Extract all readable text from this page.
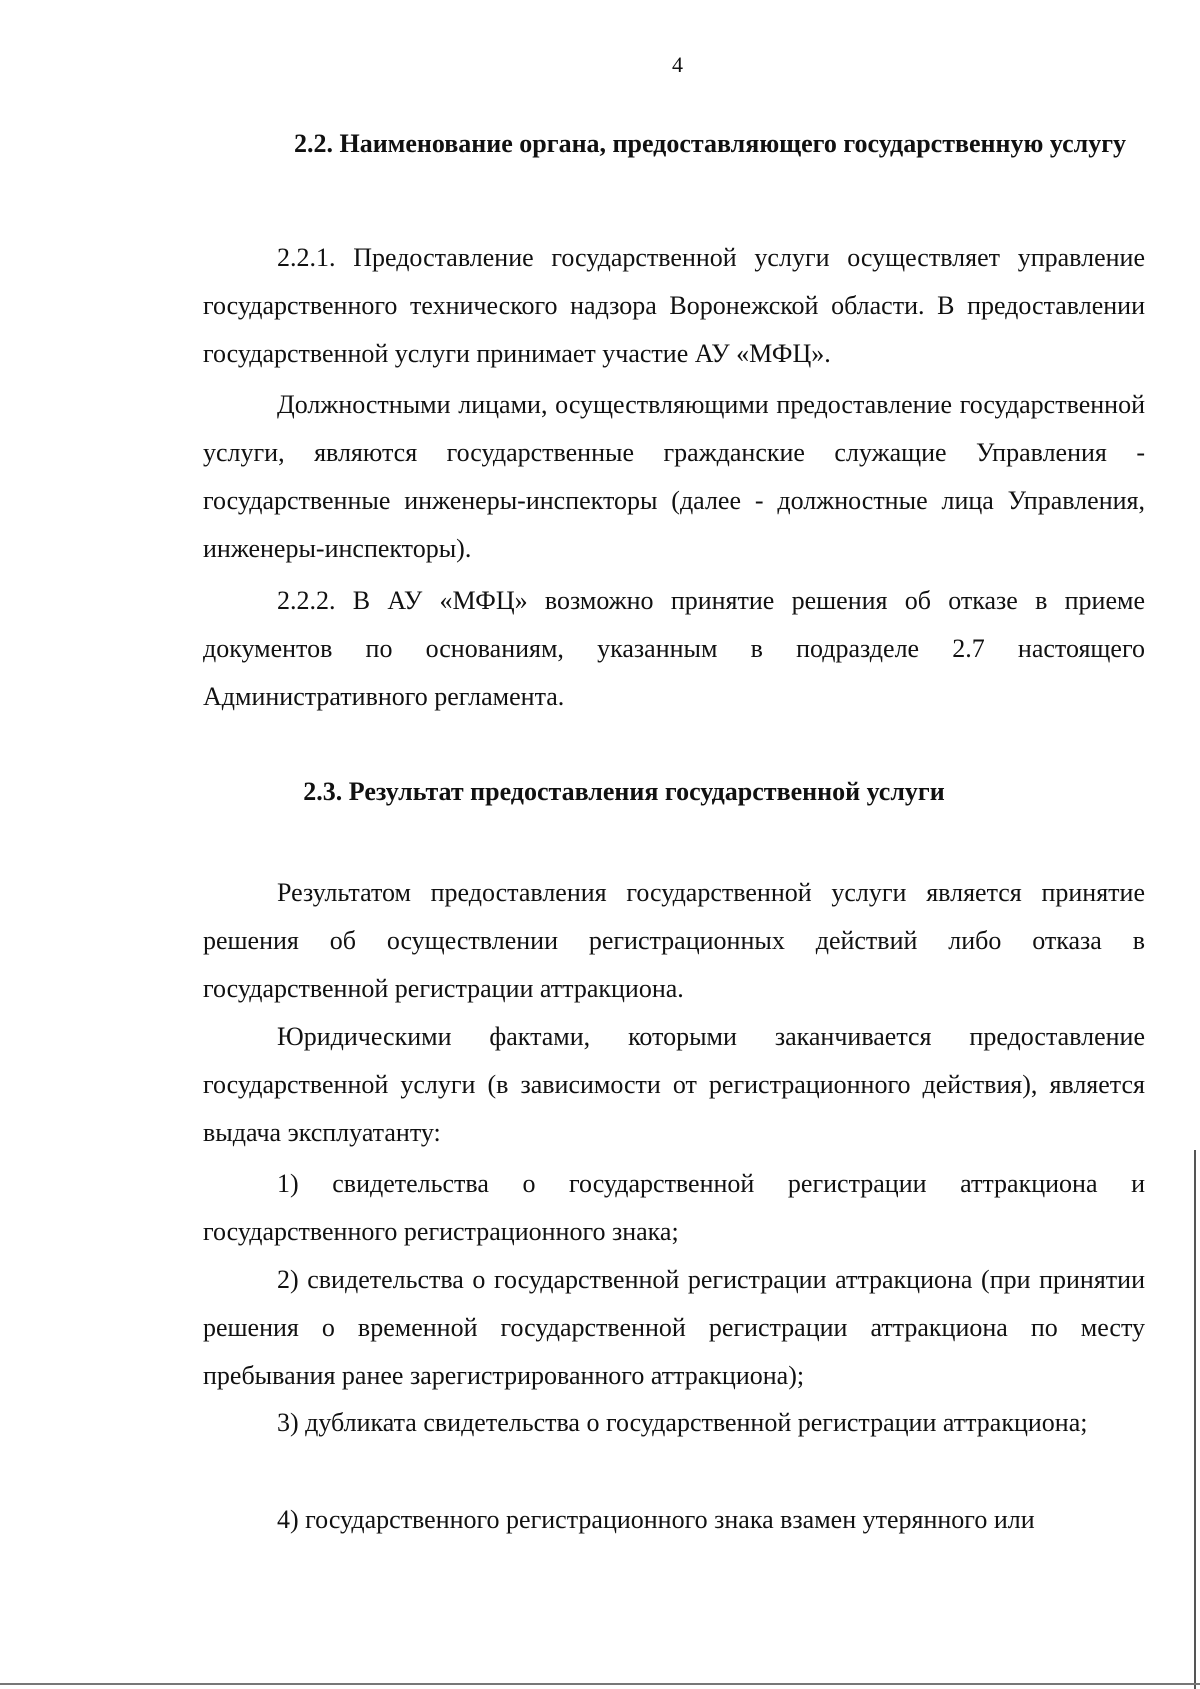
4
2.2. Наименование органа, предоставляющего государственную услугу

2.2.1. Предоставление государственной услуги осуществляет управление государственного технического надзора Воронежской области. В предоставлении государственной услуги принимает участие АУ «МФЦ».

Должностными лицами, осуществляющими предоставление государственной услуги, являются государственные гражданские служащие Управления - государственные инженеры-инспекторы (далее - должностные лица Управления, инженеры-инспекторы).

2.2.2. В АУ «МФЦ» возможно принятие решения об отказе в приеме документов по основаниям, указанным в подразделе 2.7 настоящего Административного регламента.

2.3. Результат предоставления государственной услуги

Результатом предоставления государственной услуги является принятие решения об осуществлении регистрационных действий либо отказа в государственной регистрации аттракциона.

Юридическими фактами, которыми заканчивается предоставление государственной услуги (в зависимости от регистрационного действия), является выдача эксплуатанту:

1) свидетельства о государственной регистрации аттракциона и государственного регистрационного знака;

2) свидетельства о государственной регистрации аттракциона (при принятии решения о временной государственной регистрации аттракциона по месту пребывания ранее зарегистрированного аттракциона);

3) дубликата свидетельства о государственной регистрации аттракциона;

4) государственного регистрационного знака взамен утерянного или
